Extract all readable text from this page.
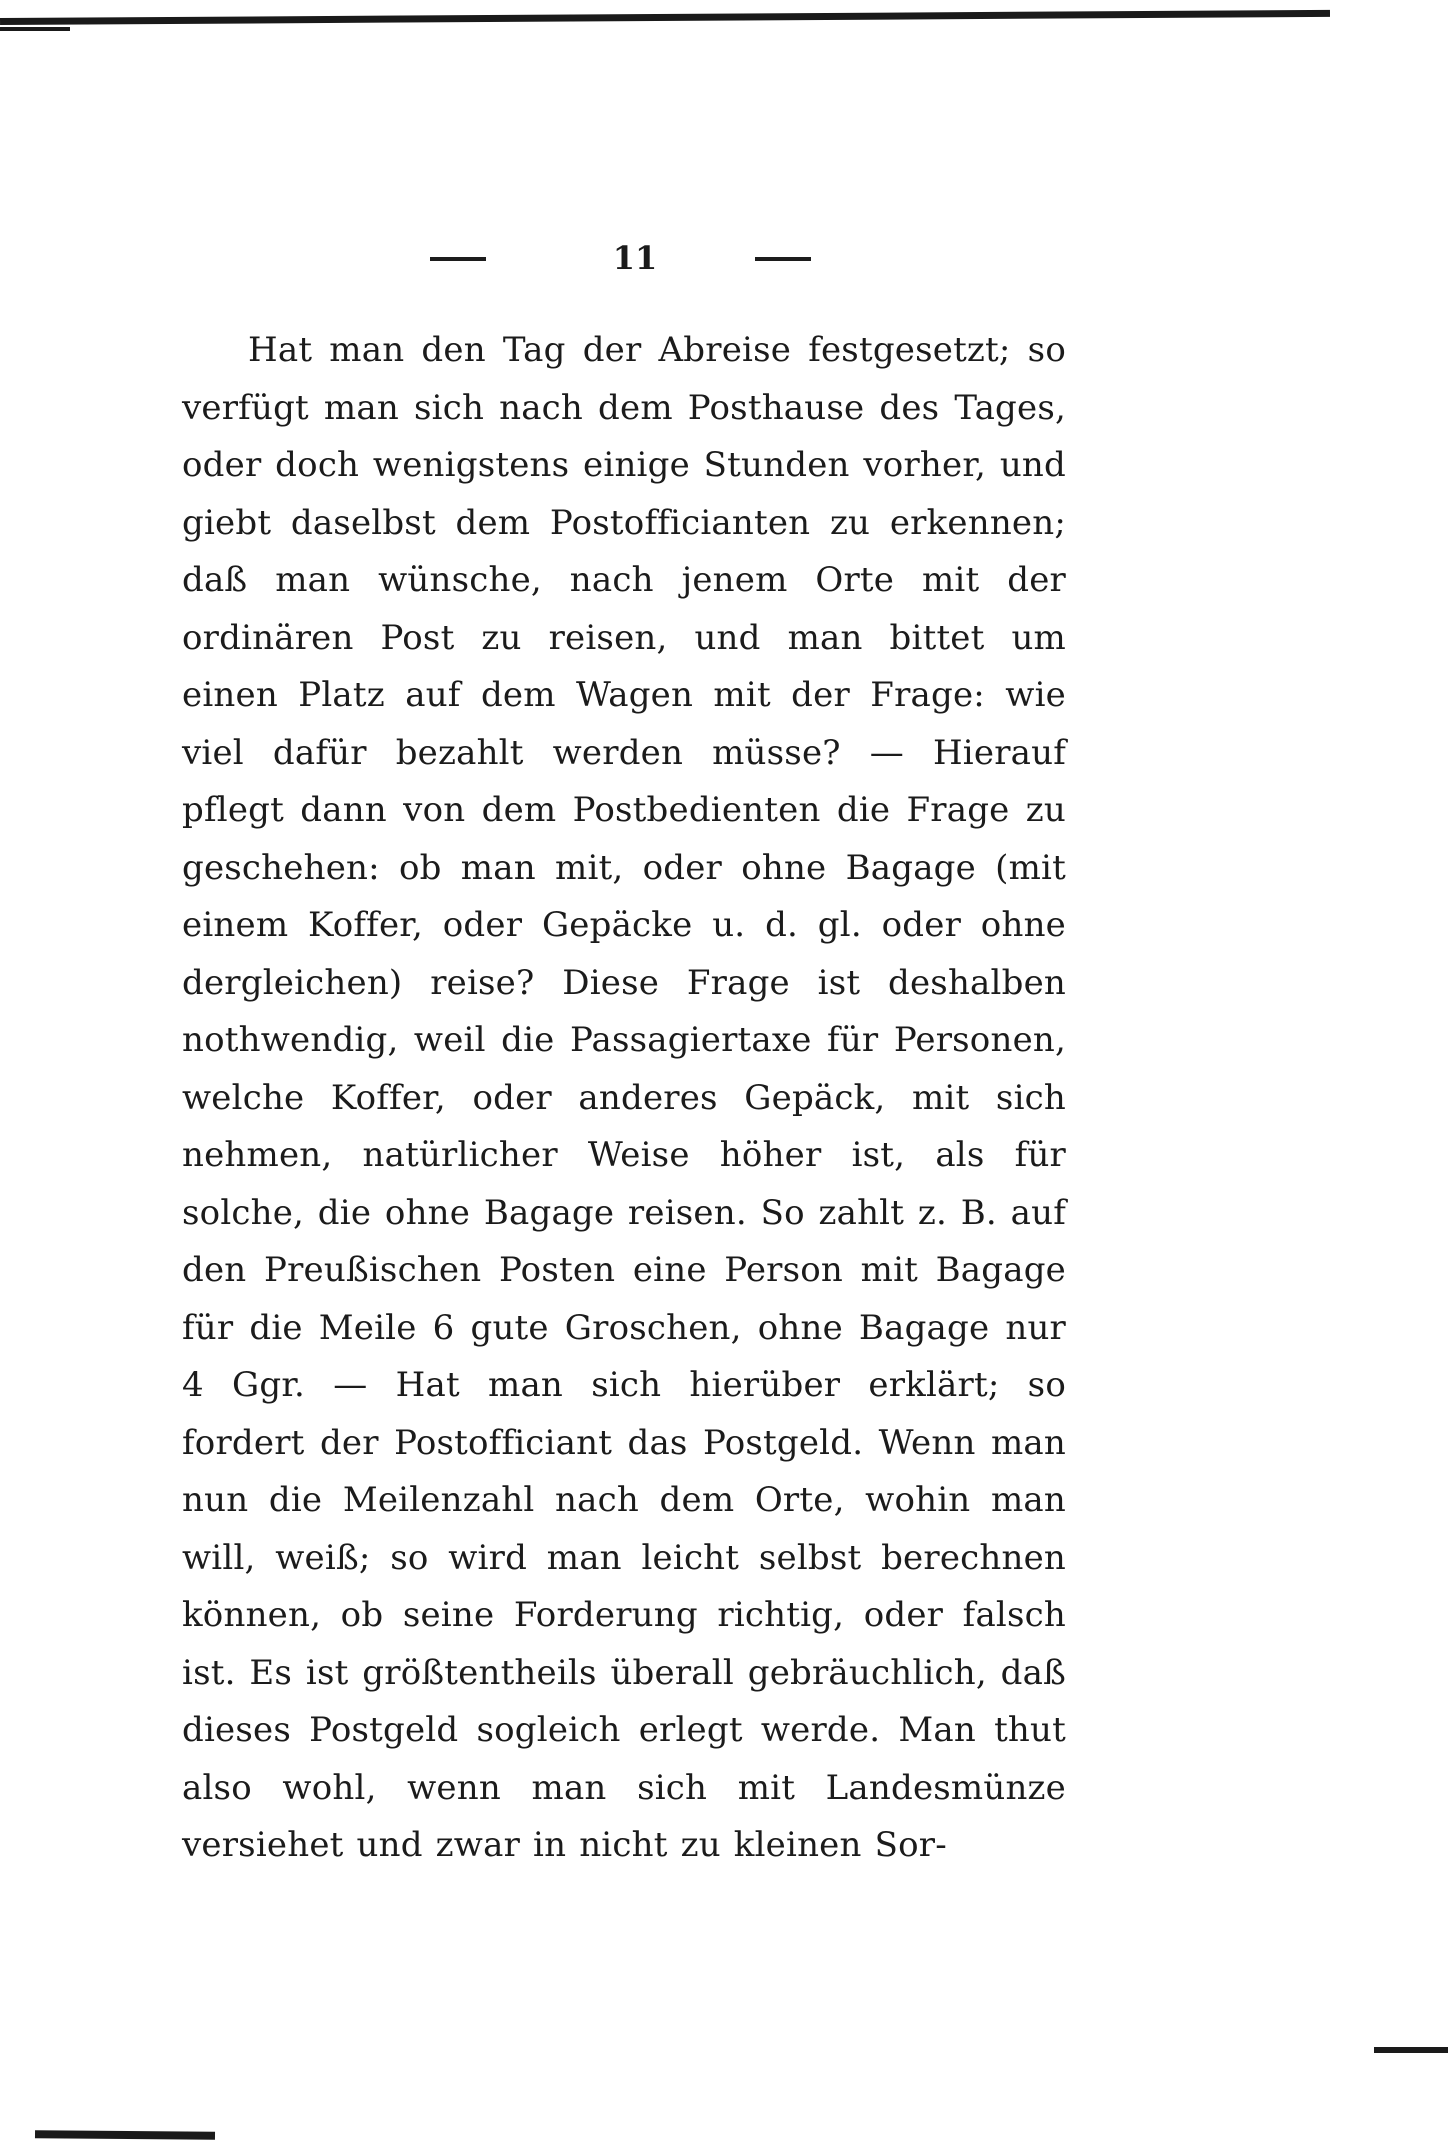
11

Hat man den Tag der Abreise festgesetzt; so verfügt man sich nach dem Posthause des Tages, oder doch wenigstens einige Stunden vorher, und giebt daselbst dem Postofficianten zu erkennen; daß man wünsche, nach jenem Orte mit der ordinären Post zu reisen, und man bittet um einen Platz auf dem Wagen mit der Frage: wie viel dafür bezahlt werden müsse? — Hierauf pflegt dann von dem Postbedienten die Frage zu geschehen: ob man mit, oder ohne Bagage (mit einem Koffer, oder Gepäcke u. d. gl. oder ohne dergleichen) reise? Diese Frage ist deshalben nothwendig, weil die Passagiertaxe für Personen, welche Koffer, oder anderes Gepäck, mit sich nehmen, natürlicher Weise höher ist, als für solche, die ohne Bagage reisen. So zahlt z. B. auf den Preußischen Posten eine Person mit Bagage für die Meile 6 gute Groschen, ohne Bagage nur 4 Ggr. — Hat man sich hierüber erklärt; so fordert der Postofficiant das Postgeld. Wenn man nun die Meilenzahl nach dem Orte, wohin man will, weiß; so wird man leicht selbst berechnen können, ob seine Forderung richtig, oder falsch ist. Es ist größtentheils überall gebräuchlich, daß dieses Postgeld sogleich erlegt werde. Man thut also wohl, wenn man sich mit Landesmünze versiehet und zwar in nicht zu kleinen Sor-
